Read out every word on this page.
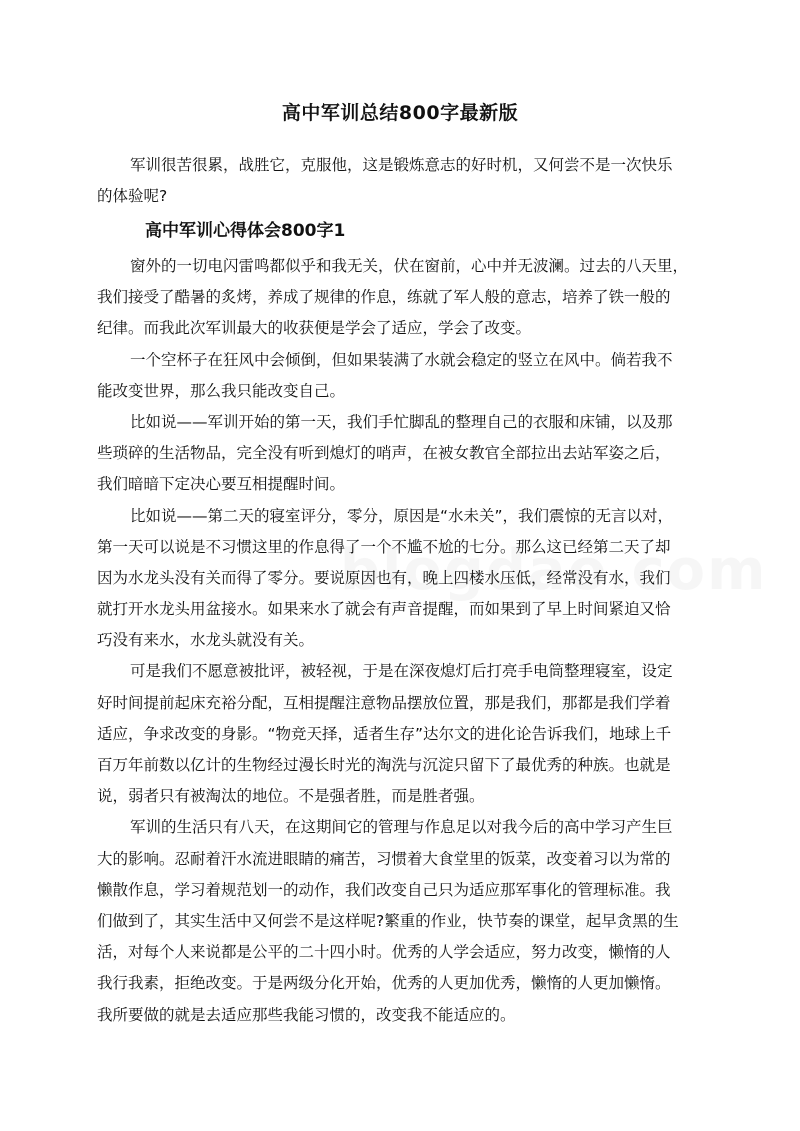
高中军训总结800字最新版
军训很苦很累，战胜它，克服他，这是锻炼意志的好时机，又何尝不是一次快乐
的体验呢?
高中军训心得体会800字1
窗外的一切电闪雷鸣都似乎和我无关，伏在窗前，心中并无波澜。过去的八天里，
我们接受了酷暑的炙烤，养成了规律的作息，练就了军人般的意志，培养了铁一般的
纪律。而我此次军训最大的收获便是学会了适应，学会了改变。
一个空杯子在狂风中会倾倒，但如果装满了水就会稳定的竖立在风中。倘若我不
能改变世界，那么我只能改变自己。
比如说——军训开始的第一天，我们手忙脚乱的整理自己的衣服和床铺，以及那
些琐碎的生活物品，完全没有听到熄灯的哨声，在被女教官全部拉出去站军姿之后，
我们暗暗下定决心要互相提醒时间。
比如说——第二天的寝室评分，零分，原因是“水未关”，我们震惊的无言以对，
第一天可以说是不习惯这里的作息得了一个不尴不尬的七分。那么这已经第二天了却
因为水龙头没有关而得了零分。要说原因也有，晚上四楼水压低，经常没有水，我们
就打开水龙头用盆接水。如果来水了就会有声音提醒，而如果到了早上时间紧迫又恰
巧没有来水，水龙头就没有关。
可是我们不愿意被批评，被轻视，于是在深夜熄灯后打亮手电筒整理寝室，设定
好时间提前起床充裕分配，互相提醒注意物品摆放位置，那是我们，那都是我们学着
适应，争求改变的身影。“物竞天择，适者生存”达尔文的进化论告诉我们，地球上千
百万年前数以亿计的生物经过漫长时光的淘洗与沉淀只留下了最优秀的种族。也就是
说，弱者只有被淘汰的地位。不是强者胜，而是胜者强。
军训的生活只有八天，在这期间它的管理与作息足以对我今后的高中学习产生巨
大的影响。忍耐着汗水流进眼睛的痛苦，习惯着大食堂里的饭菜，改变着习以为常的
懒散作息，学习着规范划一的动作，我们改变自己只为适应那军事化的管理标准。我
们做到了，其实生活中又何尝不是这样呢?繁重的作业，快节奏的课堂，起早贪黑的生
活，对每个人来说都是公平的二十四小时。优秀的人学会适应，努力改变，懒惰的人
我行我素，拒绝改变。于是两级分化开始，优秀的人更加优秀，懒惰的人更加懒惰。
我所要做的就是去适应那些我能习惯的，改变我不能适应的。
